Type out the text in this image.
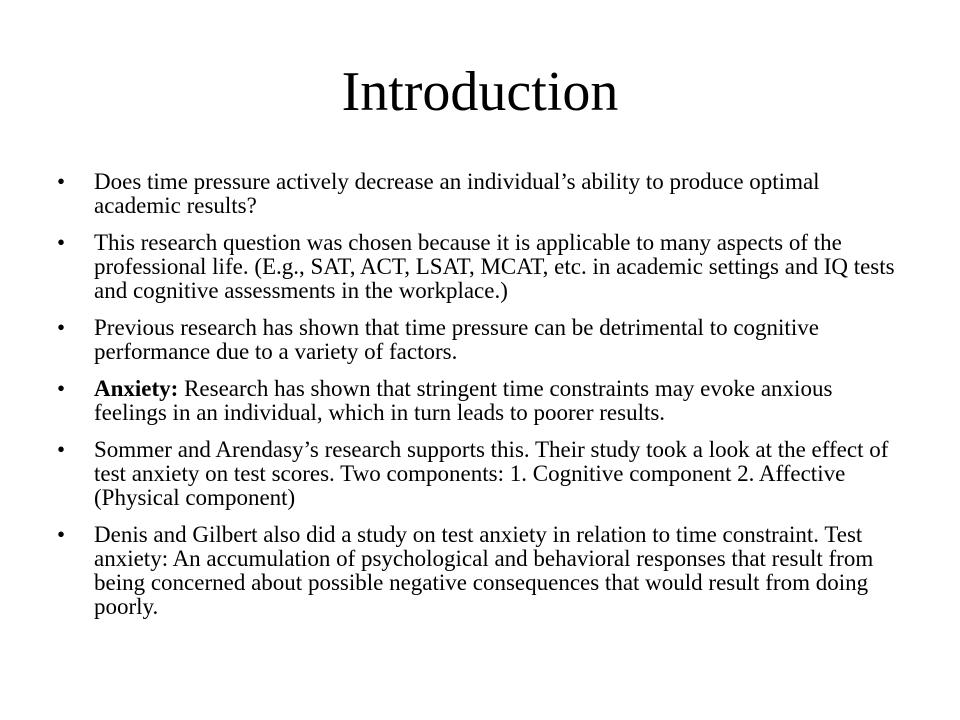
Introduction
•	Does time pressure actively decrease an individual’s ability to produce optimal academic results?
•	This research question was chosen because it is applicable to many aspects of the professional life. (E.g., SAT, ACT, LSAT, MCAT, etc. in academic settings and IQ tests and cognitive assessments in the workplace.)
•	Previous research has shown that time pressure can be detrimental to cognitive performance due to a variety of factors.
•	Anxiety: Research has shown that stringent time constraints may evoke anxious feelings in an individual, which in turn leads to poorer results.
•	Sommer and Arendasy’s research supports this. Their study took a look at the effect of test anxiety on test scores. Two components: 1. Cognitive component 2. Affective (Physical component)
•	Denis and Gilbert also did a study on test anxiety in relation to time constraint. Test anxiety: An accumulation of psychological and behavioral responses that result from being concerned about possible negative consequences that would result from doing poorly.
